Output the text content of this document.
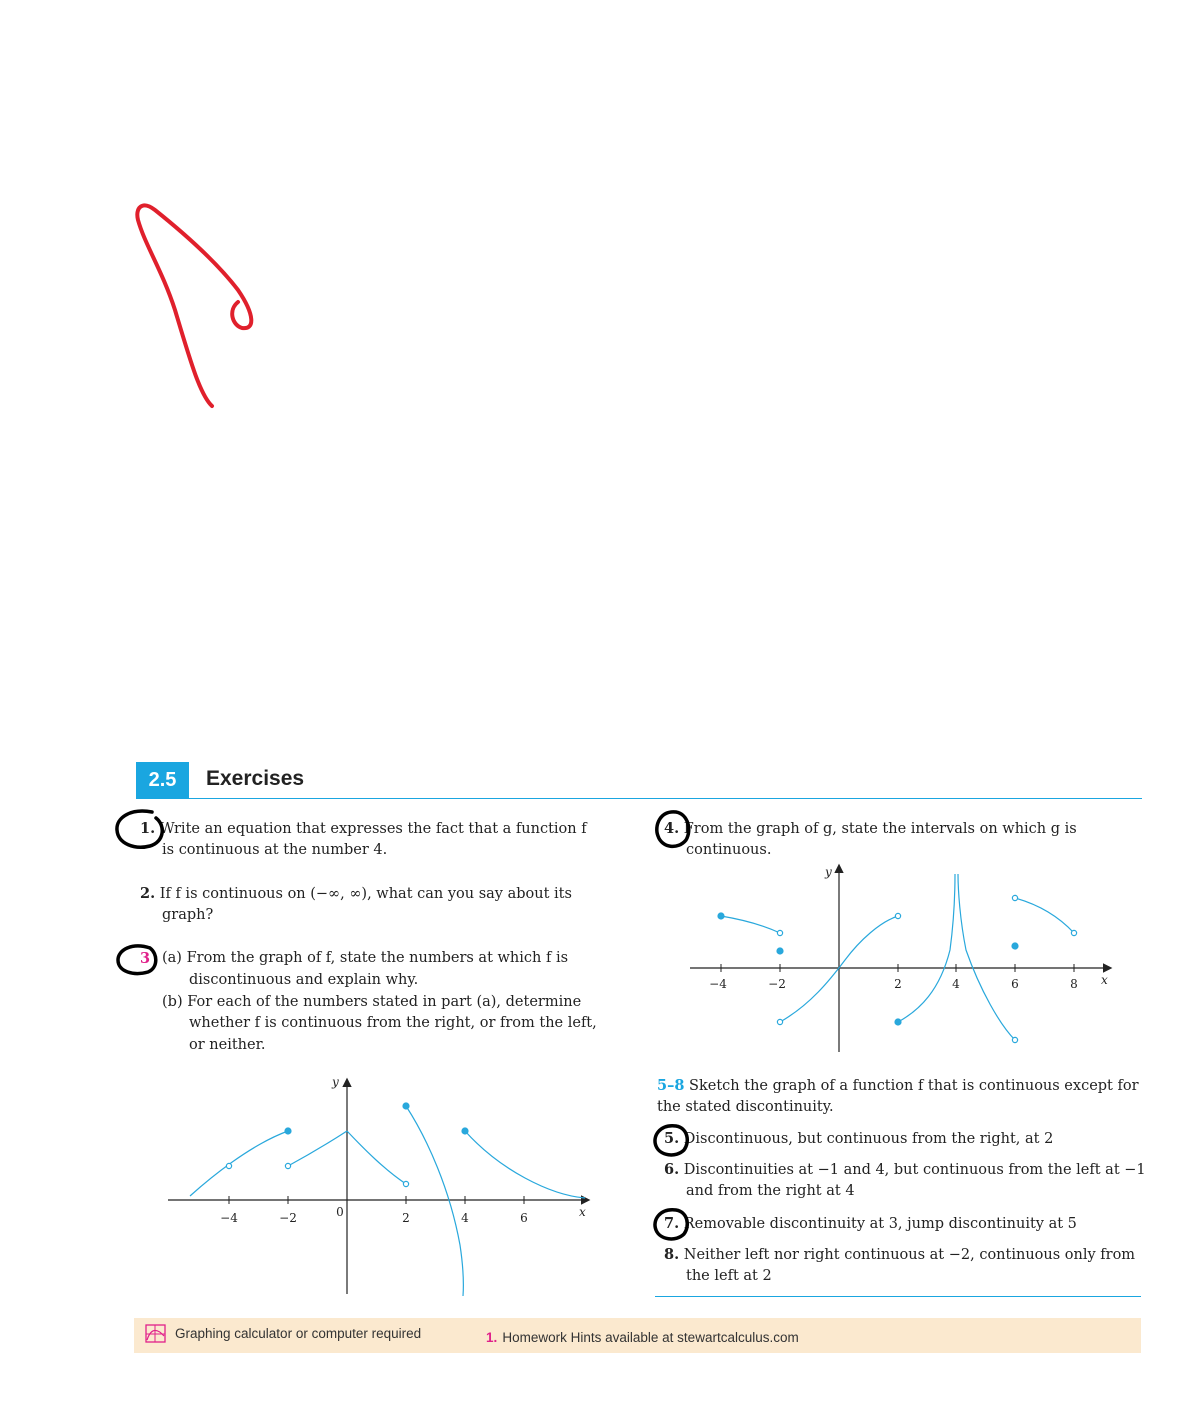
2.5	Exercises
1. Write an equation that expresses the fact that a function f
is continuous at the number 4.
2. If f is continuous on (−∞, ∞), what can you say about its
graph?
3 (a) From the graph of f, state the numbers at which f is
discontinuous and explain why.
(b) For each of the numbers stated in part (a), determine
whether f is continuous from the right, or from the left,
or neither.
−4	−2	0	2	4	6	x
y
4. From the graph of g, state the intervals on which g is
continuous.
−4	−2	2	4	6	8 x
y
5–8 Sketch the graph of a function f that is continuous except for
the stated discontinuity.
5. Discontinuous, but continuous from the right, at 2
6. Discontinuities at −1 and 4, but continuous from the left at −1
and from the right at 4
7. Removable discontinuity at 3, jump discontinuity at 5
8. Neither left nor right continuous at −2, continuous only from
the left at 2
Graphing calculator or computer required	1. Homework Hints available at stewartcalculus.com
